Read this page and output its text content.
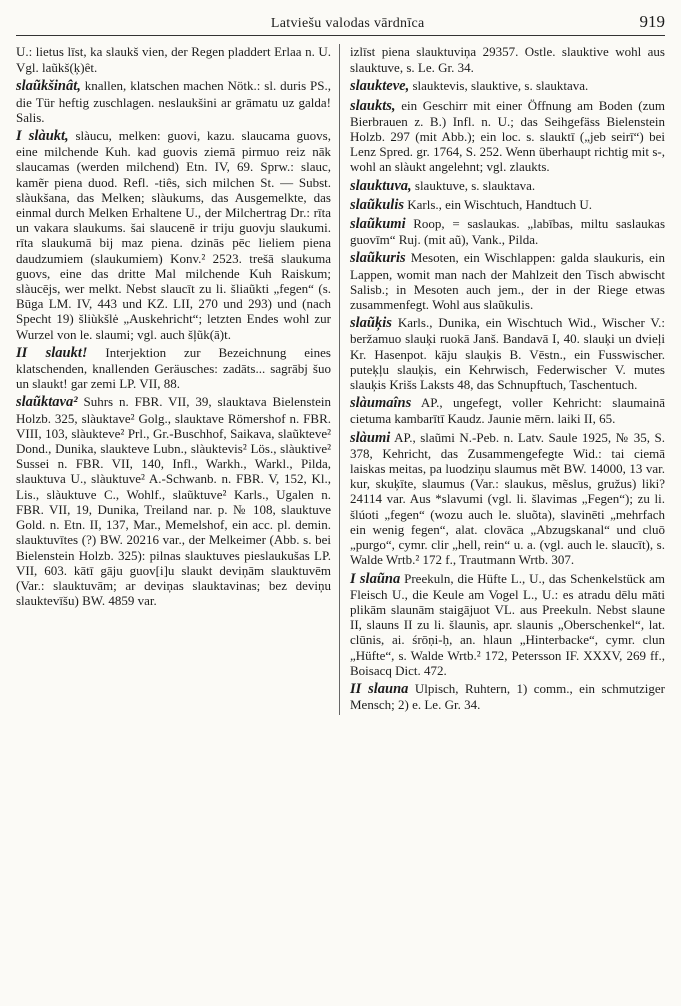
Latviešu valodas vārdnīca	919

U.: lietus līst, ka slaukš vien, der Regen pladdert Erlaa n. U. Vgl. laũkš(ķ)êt.

slaũkšinât, knallen, klatschen machen Nötk.: sl. duris PS., die Tür heftig zuschlagen. neslaukšini ar grāmatu uz galda! Salis.

I slàukt, slàucu, melken: guovi, kazu. slaucama guovs, eine milchende Kuh. kad guovis ziemā pirmuo reiz nāk slaucamas (werden milchend) Etn. IV, 69. Sprw.: slauc, kamẽr piena duod. Refl. -tiês, sich milchen St. — Subst. slàukšana, das Melken; slàukums, das Ausgemelkte, das einmal durch Melken Erhaltene U., der Milchertrag Dr.: rīta un vakara slaukums. šai slaucenē ir triju guovju slaukumi. rīta slaukumā bij maz piena. dzinās pēc lieliem piena daudzumiem (slaukumiem) Konv.² 2523. trešā slaukuma guovs, eine das dritte Mal milchende Kuh Raiskum; slàucējs, wer melkt. Nebst slaucīt zu li. šliaũkti „fegen“ (s. Būga LM. IV, 443 und KZ. LII, 270 und 293) und (nach Specht 19) šliùkšlė „Auskehricht“; letzten Endes wohl zur Wurzel von le. slaumi; vgl. auch šļũk(ā)t.

II slaukt! Interjektion zur Bezeichnung eines klatschenden, knallenden Geräusches: zadāts... sagrābj šuo un slaukt! gar zemi LP. VII, 88.

slaũktava² Suhrs n. FBR. VII, 39, slauktava Bielenstein Holzb. 325, slàuktave² Golg., slauktave Römershof n. FBR. VIII, 103, slàukteve² Prl., Gr.-Buschhof, Saikava, slaũkteve² Dond., Dunika, slaukteve Lubn., slàuktevis² Lös., slàuktive² Sussei n. FBR. VII, 140, Infl., Warkh., Warkl., Pilda, slauktuva U., slàuktuve² A.-Schwanb. n. FBR. V, 152, Kl., Lis., slàuktuve C., Wohlf., slaũktuve² Karls., Ugalen n. FBR. VII, 19, Dunika, Treiland nar. p. № 108, slauktuve Gold. n. Etn. II, 137, Mar., Memelshof, ein acc. pl. demin. slauktuvītes (?) BW. 20216 var., der Melkeimer (Abb. s. bei Bielenstein Holzb. 325): pilnas slauktuves pieslaukušas LP. VII, 603. kātī gāju guov[i]u slaukt deviņām slauktuvēm (Var.: slauktuvām; ar deviņas slauktavinas; bez deviņu slauktevīšu) BW. 4859 var.

izlīst piena slauktuviņa 29357. Ostle. slauktive wohl aus slauktuve, s. Le. Gr. 34.

slaukteve, slauktevis, slauktive, s. slauktava.

slaukts, ein Geschirr mit einer Öffnung am Boden (zum Bierbrauen z. B.) Infl. n. U.; das Seihgefäss Bielenstein Holzb. 297 (mit Abb.); ein loc. s. slauktī („jeb seirī“) bei Lenz Spred. gr. 1764, S. 252. Wenn überhaupt richtig mit s-, wohl an slàukt angelehnt; vgl. zlaukts.

slauktuva, slauktuve, s. slauktava.

slaũkulis Karls., ein Wischtuch, Handtuch U.

slaũkumi Roop, = saslaukas. „labības, miltu saslaukas guovīm“ Ruj. (mit aũ), Vank., Pilda.

slaũkuris Mesoten, ein Wischlappen: galda slaukuris, ein Lappen, womit man nach der Mahlzeit den Tisch abwischt Salisb.; in Mesoten auch jem., der in der Riege etwas zusammenfegt. Wohl aus slaũkulis.

slaũķis Karls., Dunika, ein Wischtuch Wid., Wischer V.: beržamuo slauķi ruokā Janš. Bandavā I, 40. slauķi un dvieļi Kr. Hasenpot. kāju slauķis B. Vēstn., ein Fusswischer. puteķļu slauķis, ein Kehrwisch, Federwischer V. mutes slauķis Krišs Laksts 48, das Schnupftuch, Taschentuch.

slàumaîns AP., ungefegt, voller Kehricht: slaumainā cietuma kambarītī Kaudz. Jaunie mērn. laiki II, 65.

slàumi AP., slaũmi N.-Peb. n. Latv. Saule 1925, № 35, S. 378, Kehricht, das Zusammengefegte Wid.: tai ciemā laiskas meitas, pa luodziņu slaumus mẽt BW. 14000, 13 var. kur, skuķīte, slaumus (Var.: slaukus, mẽslus, gružus) liki? 24114 var. Aus *slavumi (vgl. li. šlavimas „Fegen“); zu li. šlúoti „fegen“ (wozu auch le. sluõta), slavinēti „mehrfach ein wenig fegen“, alat. clovāca „Abzugskanal“ und cluō „purgo“, cymr. clir „hell, rein“ u. a. (vgl. auch le. slaucīt), s. Walde Wrtb.² 172 f., Trautmann Wrtb. 307.

I slaũna Preekuln, die Hüfte L., U., das Schenkelstück am Fleisch U., die Keule am Vogel L., U.: es atradu dēlu māti plikām slaunām staigājuot VL. aus Preekuln. Nebst slaune II, slauns II zu li. šlaunìs, apr. slaunis „Oberschenkel“, lat. clūnis, ai. śrōṇi-ḥ, an. hlaun „Hinterbacke“, cymr. clun „Hüfte“, s. Walde Wrtb.² 172, Petersson IF. XXXV, 269 ff., Boisacq Dict. 472.

II slauna Ulpisch, Ruhtern, 1) comm., ein schmutziger Mensch; 2) e. Le. Gr. 34.
